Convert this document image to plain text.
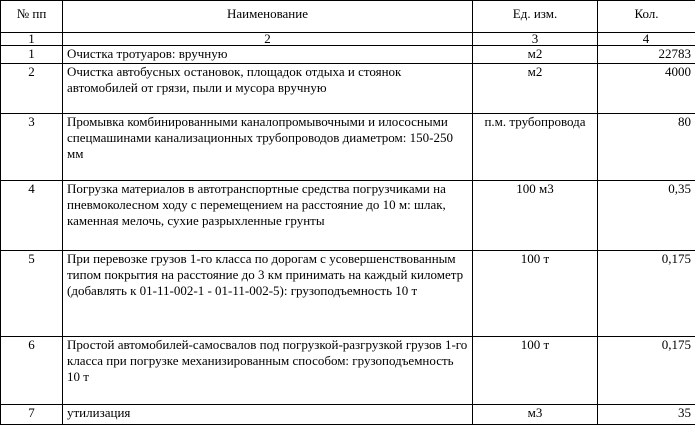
№ пп	Наименование	Ед. изм.	Кол.
1	2	3	4
1	Очистка тротуаров: вручную	м2	22783
2	Очистка автобусных остановок, площадок отдыха и стоянок автомобилей от грязи, пыли и мусора вручную	м2	4000
3	Промывка комбинированными каналопромывочными и илососными спецмашинами канализационных трубопроводов диаметром: 150-250 мм	п.м. трубопровода	80
4	Погрузка материалов в автотранспортные средства погрузчиками на пневмоколесном ходу с перемещением на расстояние до 10 м: шлак, каменная мелочь, сухие разрыхленные грунты	100 м3	0,35
5	При перевозке грузов 1-го класса по дорогам с усовершенствованным типом покрытия на расстояние до 3 км принимать на каждый километр (добавлять к 01-11-002-1 - 01-11-002-5): грузоподъемность 10 т	100 т	0,175
6	Простой автомобилей-самосвалов под погрузкой-разгрузкой грузов 1-го класса при погрузке механизированным способом: грузоподъемность 10 т	100 т	0,175
7	утилизация	м3	35
